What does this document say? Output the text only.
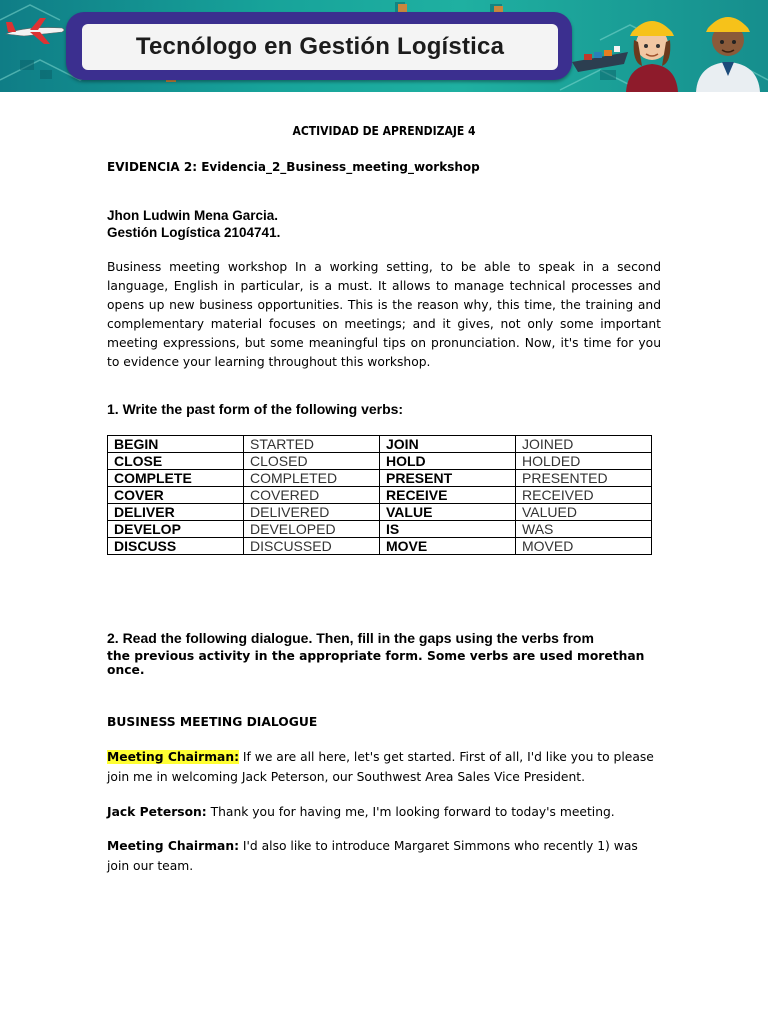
Tecnólogo en Gestión Logística
ACTIVIDAD DE APRENDIZAJE 4
EVIDENCIA 2: Evidencia_2_Business_meeting_workshop
Jhon Ludwin Mena Garcia.
Gestión Logística 2104741.
Business meeting workshop In a working setting, to be able to speak in a second language, English in particular, is a must. It allows to manage technical processes and opens up new business opportunities. This is the reason why, this time, the training and complementary material focuses on meetings; and it gives, not only some important meeting expressions, but some meaningful tips on pronunciation. Now, it's time for you to evidence your learning throughout this workshop.
1. Write the past form of the following verbs:
BEGIN	STARTED	JOIN	JOINED
CLOSE	CLOSED	HOLD	HOLDED
COMPLETE	COMPLETED	PRESENT	PRESENTED
COVER	COVERED	RECEIVE	RECEIVED
DELIVER	DELIVERED	VALUE	VALUED
DEVELOP	DEVELOPED	IS	WAS
DISCUSS	DISCUSSED	MOVE	MOVED
2. Read the following dialogue. Then, fill in the gaps using the verbs from
the previous activity in the appropriate form. Some verbs are used morethan once.
BUSINESS MEETING DIALOGUE
Meeting Chairman: If we are all here, let's get started. First of all, I'd like you to please join me in welcoming Jack Peterson, our Southwest Area Sales Vice President.
Jack Peterson: Thank you for having me, I'm looking forward to today's meeting.
Meeting Chairman: I'd also like to introduce Margaret Simmons who recently 1) was join our team.
